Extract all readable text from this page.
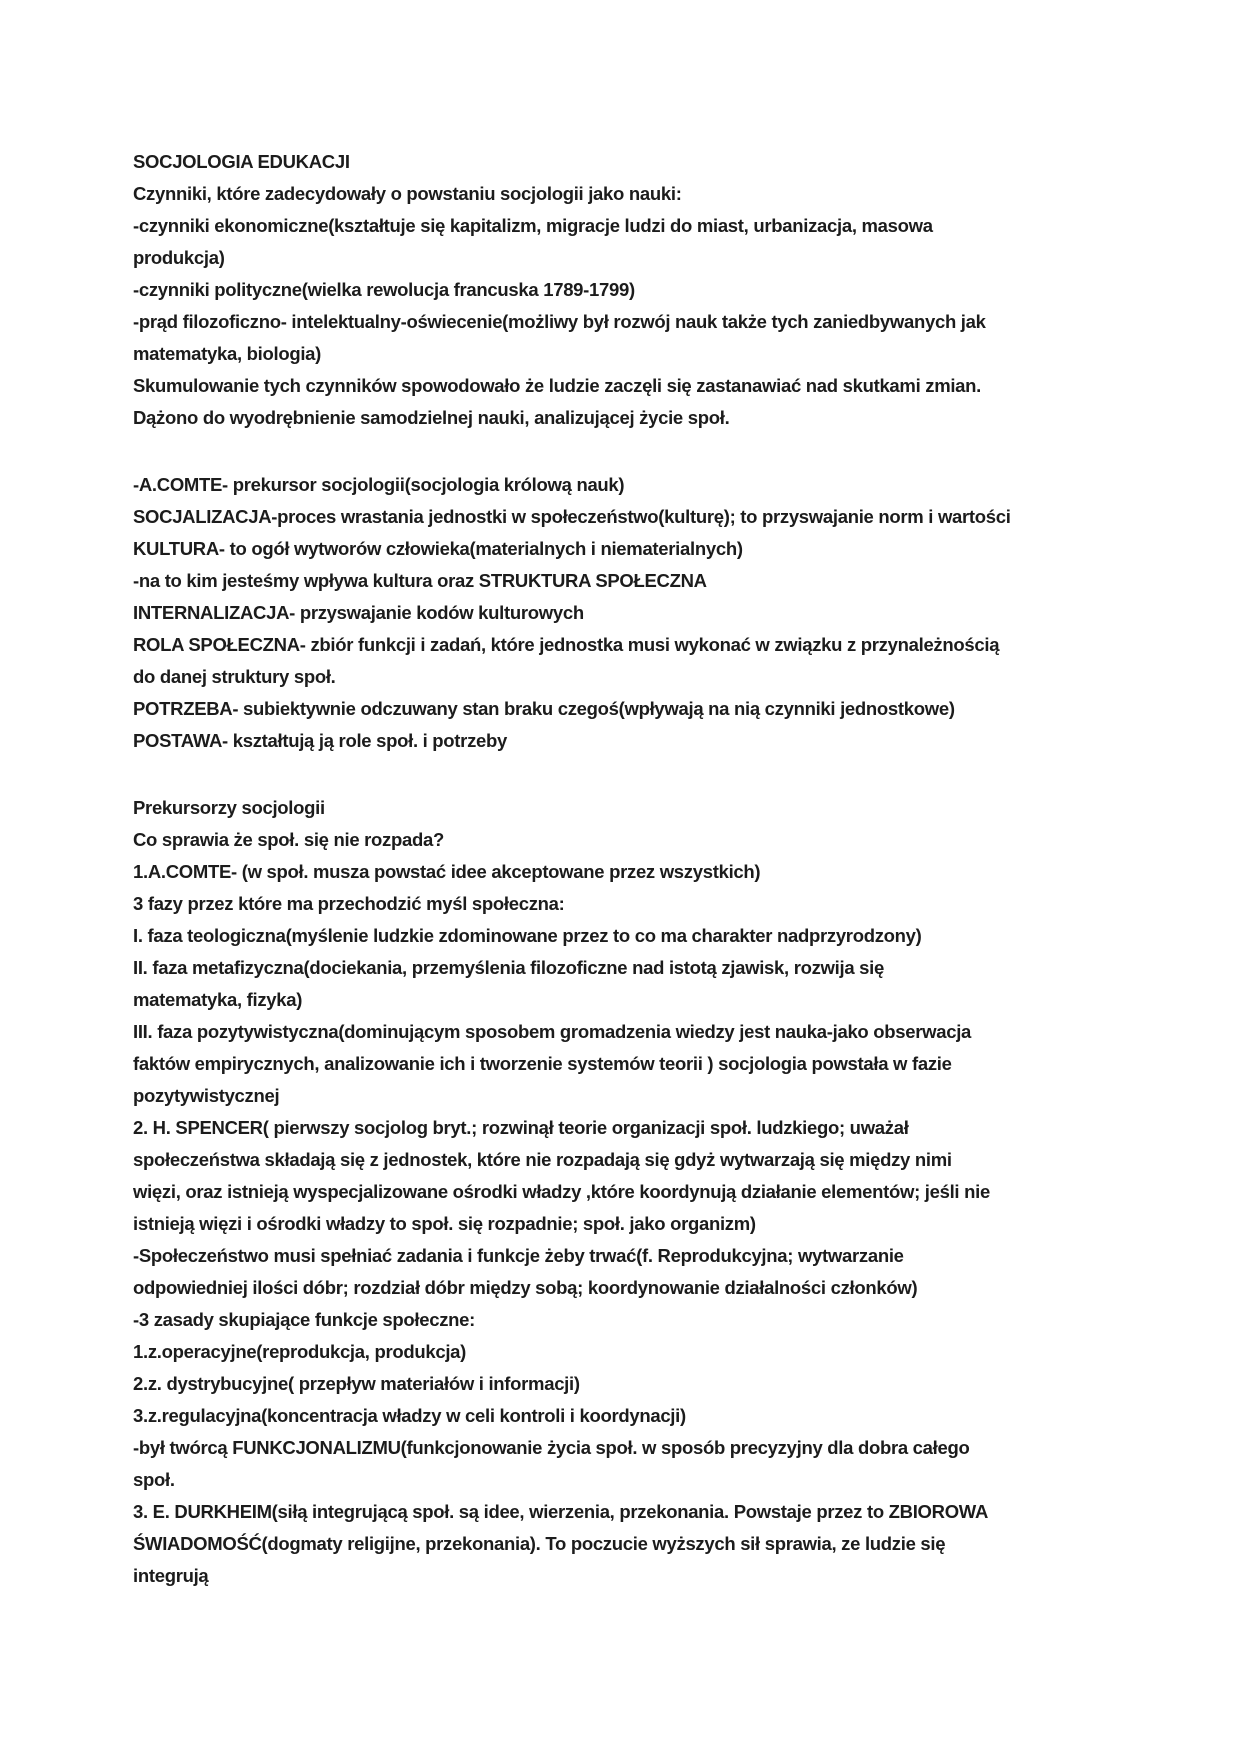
SOCJOLOGIA EDUKACJI
Czynniki, które zadecydowały o powstaniu socjologii jako nauki:
-czynniki ekonomiczne(kształtuje się kapitalizm, migracje ludzi do miast, urbanizacja, masowa
produkcja)
-czynniki polityczne(wielka rewolucja francuska 1789-1799)
-prąd filozoficzno- intelektualny-oświecenie(możliwy był rozwój nauk także tych zaniedbywanych jak
matematyka, biologia)
Skumulowanie tych czynników spowodowało że ludzie zaczęli się zastanawiać nad skutkami zmian.
Dążono do wyodrębnienie samodzielnej nauki, analizującej życie społ.
-A.COMTE- prekursor socjologii(socjologia królową nauk)
SOCJALIZACJA-proces wrastania jednostki w społeczeństwo(kulturę); to przyswajanie norm i wartości
KULTURA- to ogół wytworów człowieka(materialnych i niematerialnych)
-na to kim jesteśmy wpływa kultura oraz STRUKTURA SPOŁECZNA
INTERNALIZACJA- przyswajanie kodów kulturowych
ROLA SPOŁECZNA- zbiór funkcji i zadań, które jednostka musi wykonać w związku z przynależnością
do danej struktury społ.
POTRZEBA- subiektywnie odczuwany stan braku czegoś(wpływają na nią czynniki jednostkowe)
POSTAWA- kształtują ją role społ. i potrzeby
Prekursorzy socjologii
Co sprawia że społ. się nie rozpada?
1.A.COMTE- (w społ. musza powstać idee akceptowane przez wszystkich)
3 fazy przez które ma przechodzić myśl społeczna:
I. faza teologiczna(myślenie ludzkie zdominowane przez to co ma charakter nadprzyrodzony)
II. faza metafizyczna(dociekania, przemyślenia filozoficzne nad istotą zjawisk, rozwija się
matematyka, fizyka)
III. faza pozytywistyczna(dominującym sposobem gromadzenia wiedzy jest nauka-jako obserwacja
faktów empirycznych, analizowanie ich i tworzenie systemów teorii ) socjologia powstała w fazie
pozytywistycznej
2. H. SPENCER( pierwszy socjolog bryt.; rozwinął teorie organizacji społ. ludzkiego; uważał
społeczeństwa składają się z jednostek, które nie rozpadają się gdyż wytwarzają się między nimi
więzi, oraz istnieją wyspecjalizowane ośrodki władzy ,które koordynują działanie elementów; jeśli nie
istnieją więzi i ośrodki władzy to społ. się rozpadnie; społ. jako organizm)
-Społeczeństwo musi spełniać zadania i funkcje żeby trwać(f. Reprodukcyjna; wytwarzanie
odpowiedniej ilości dóbr; rozdział dóbr między sobą; koordynowanie działalności członków)
-3 zasady skupiające funkcje społeczne:
1.z.operacyjne(reprodukcja, produkcja)
2.z. dystrybucyjne( przepływ materiałów i informacji)
3.z.regulacyjna(koncentracja władzy w celi kontroli i koordynacji)
-był twórcą FUNKCJONALIZMU(funkcjonowanie życia społ. w sposób precyzyjny dla dobra całego
społ.
3. E. DURKHEIM(siłą integrującą społ. są idee, wierzenia, przekonania. Powstaje przez to ZBIOROWA
ŚWIADOMOŚĆ(dogmaty religijne, przekonania). To poczucie wyższych sił sprawia, ze ludzie się
integrują
